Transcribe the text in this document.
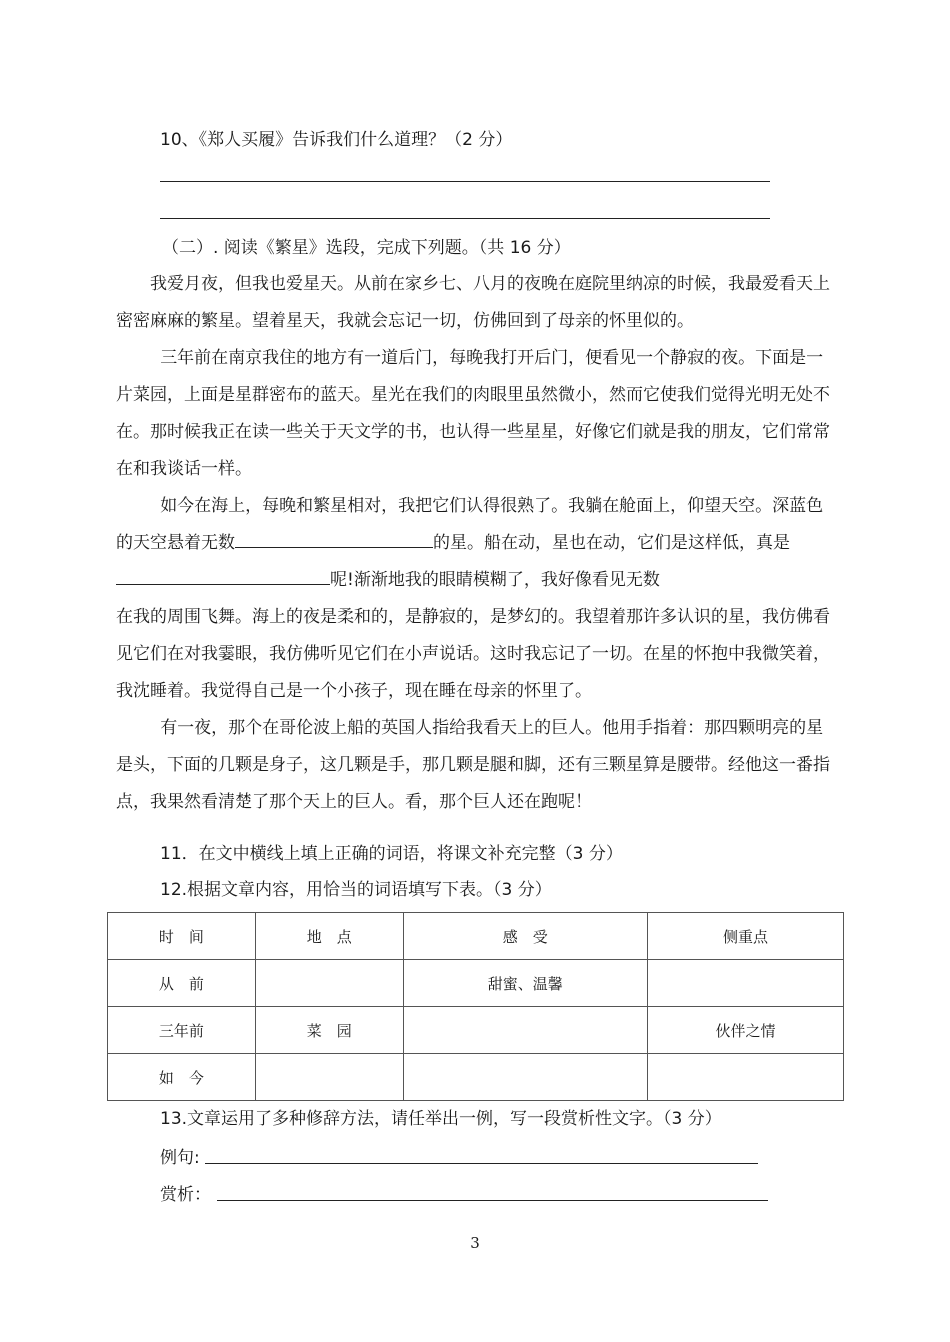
10、《郑人买履》告诉我们什么道理？（2 分）
（二）. 阅读《繁星》选段，完成下列题。（共 16 分）

我爱月夜，但我也爱星天。从前在家乡七、八月的夜晚在庭院里纳凉的时候，我最爱看天上密密麻麻的繁星。望着星天，我就会忘记一切，仿佛回到了母亲的怀里似的。

三年前在南京我住的地方有一道后门，每晚我打开后门，便看见一个静寂的夜。下面是一片菜园，上面是星群密布的蓝天。星光在我们的肉眼里虽然微小，然而它使我们觉得光明无处不在。那时候我正在读一些关于天文学的书，也认得一些星星，好像它们就是我的朋友，它们常常在和我谈话一样。

如今在海上，每晚和繁星相对，我把它们认得很熟了。我躺在舱面上，仰望天空。深蓝色的天空悬着无数	的星。船在动，星也在动，它们是这样低，真是呢!渐渐地我的眼睛模糊了，我好像看见无数
在我的周围飞舞。海上的夜是柔和的，是静寂的，是梦幻的。我望着那许多认识的星，我仿佛看见它们在对我霎眼，我仿佛听见它们在小声说话。这时我忘记了一切。在星的怀抱中我微笑着，我沈睡着。我觉得自己是一个小孩子，现在睡在母亲的怀里了。

有一夜，那个在哥伦波上船的英国人指给我看天上的巨人。他用手指着：那四颗明亮的星是头，下面的几颗是身子，这几颗是手，那几颗是腿和脚，还有三颗星算是腰带。经他这一番指点，我果然看清楚了那个天上的巨人。看，那个巨人还在跑呢！

11．在文中横线上填上正确的词语，将课文补充完整（3 分）
12.根据文章内容，用恰当的词语填写下表。（3 分）
时　间	地　点	感　受	侧重点
从　前		甜蜜、温馨	
三年前	菜　园		伙伴之情
如　今			
13.文章运用了多种修辞方法，请任举出一例，写一段赏析性文字。（3 分）
例句:
赏析：
3
